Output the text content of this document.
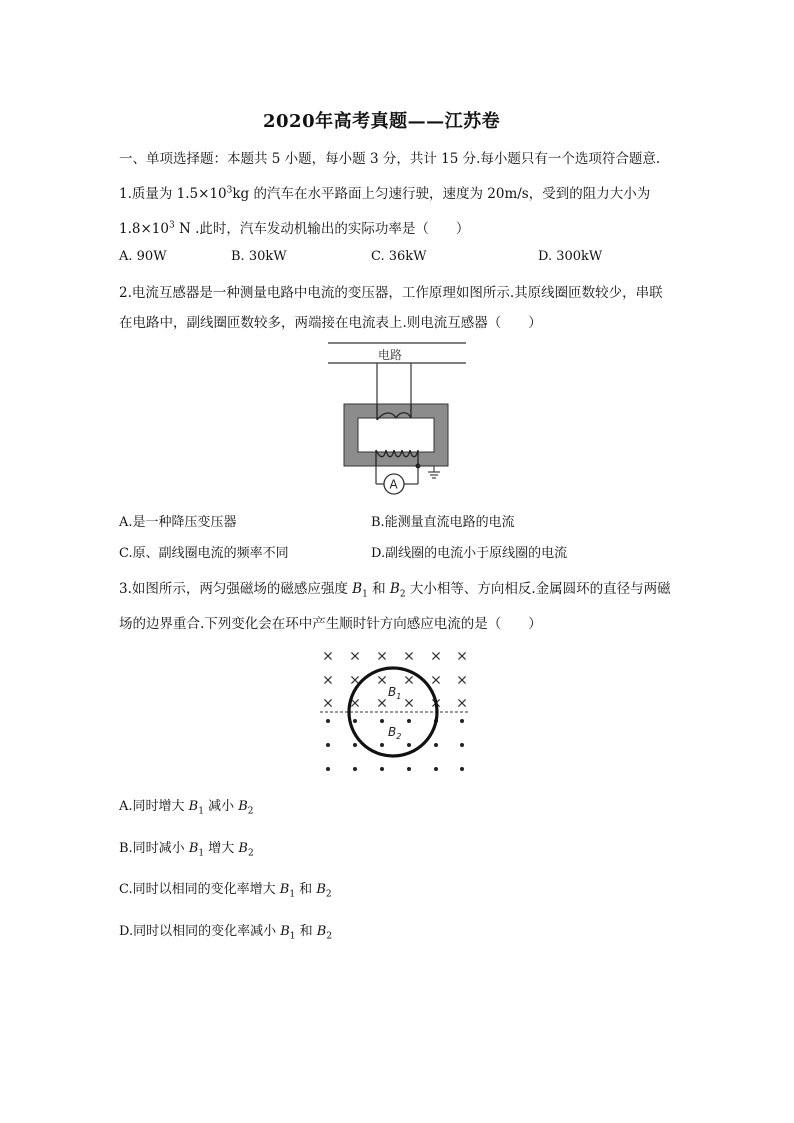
2020年高考真题——江苏卷
一、单项选择题：本题共 5 小题，每小题 3 分，共计 15 分.每小题只有一个选项符合题意.
1.质量为 $1.5\times 10^3kg$ 的汽车在水平路面上匀速行驶，速度为 20m/s，受到的阻力大小为
$1.8\times 10^3$ N .此时，汽车发动机输出的实际功率是（　　）
A. 90W	B. 30kW	C. 36kW	D. 300kW
2.电流互感器是一种测量电路中电流的变压器，工作原理如图所示.其原线圈匝数较少，串联
在电路中，副线圈匝数较多，两端接在电流表上.则电流互感器（　　）
电路
A
A.是一种降压变压器	B.能测量直流电路的电流
C.原、副线圈电流的频率不同	D.副线圈的电流小于原线圈的电流
3.如图所示，两匀强磁场的磁感应强度 $B_1$ 和 $B_2$ 大小相等、方向相反.金属圆环的直径与两磁
场的边界重合.下列变化会在环中产生顺时针方向感应电流的是（　　）
$B_1$
$B_2$
A.同时增大 $B_1$ 减小 $B_2$
B.同时减小 $B_1$ 增大 $B_2$
C.同时以相同的变化率增大 $B_1$ 和 $B_2$
D.同时以相同的变化率减小 $B_1$ 和 $B_2$
